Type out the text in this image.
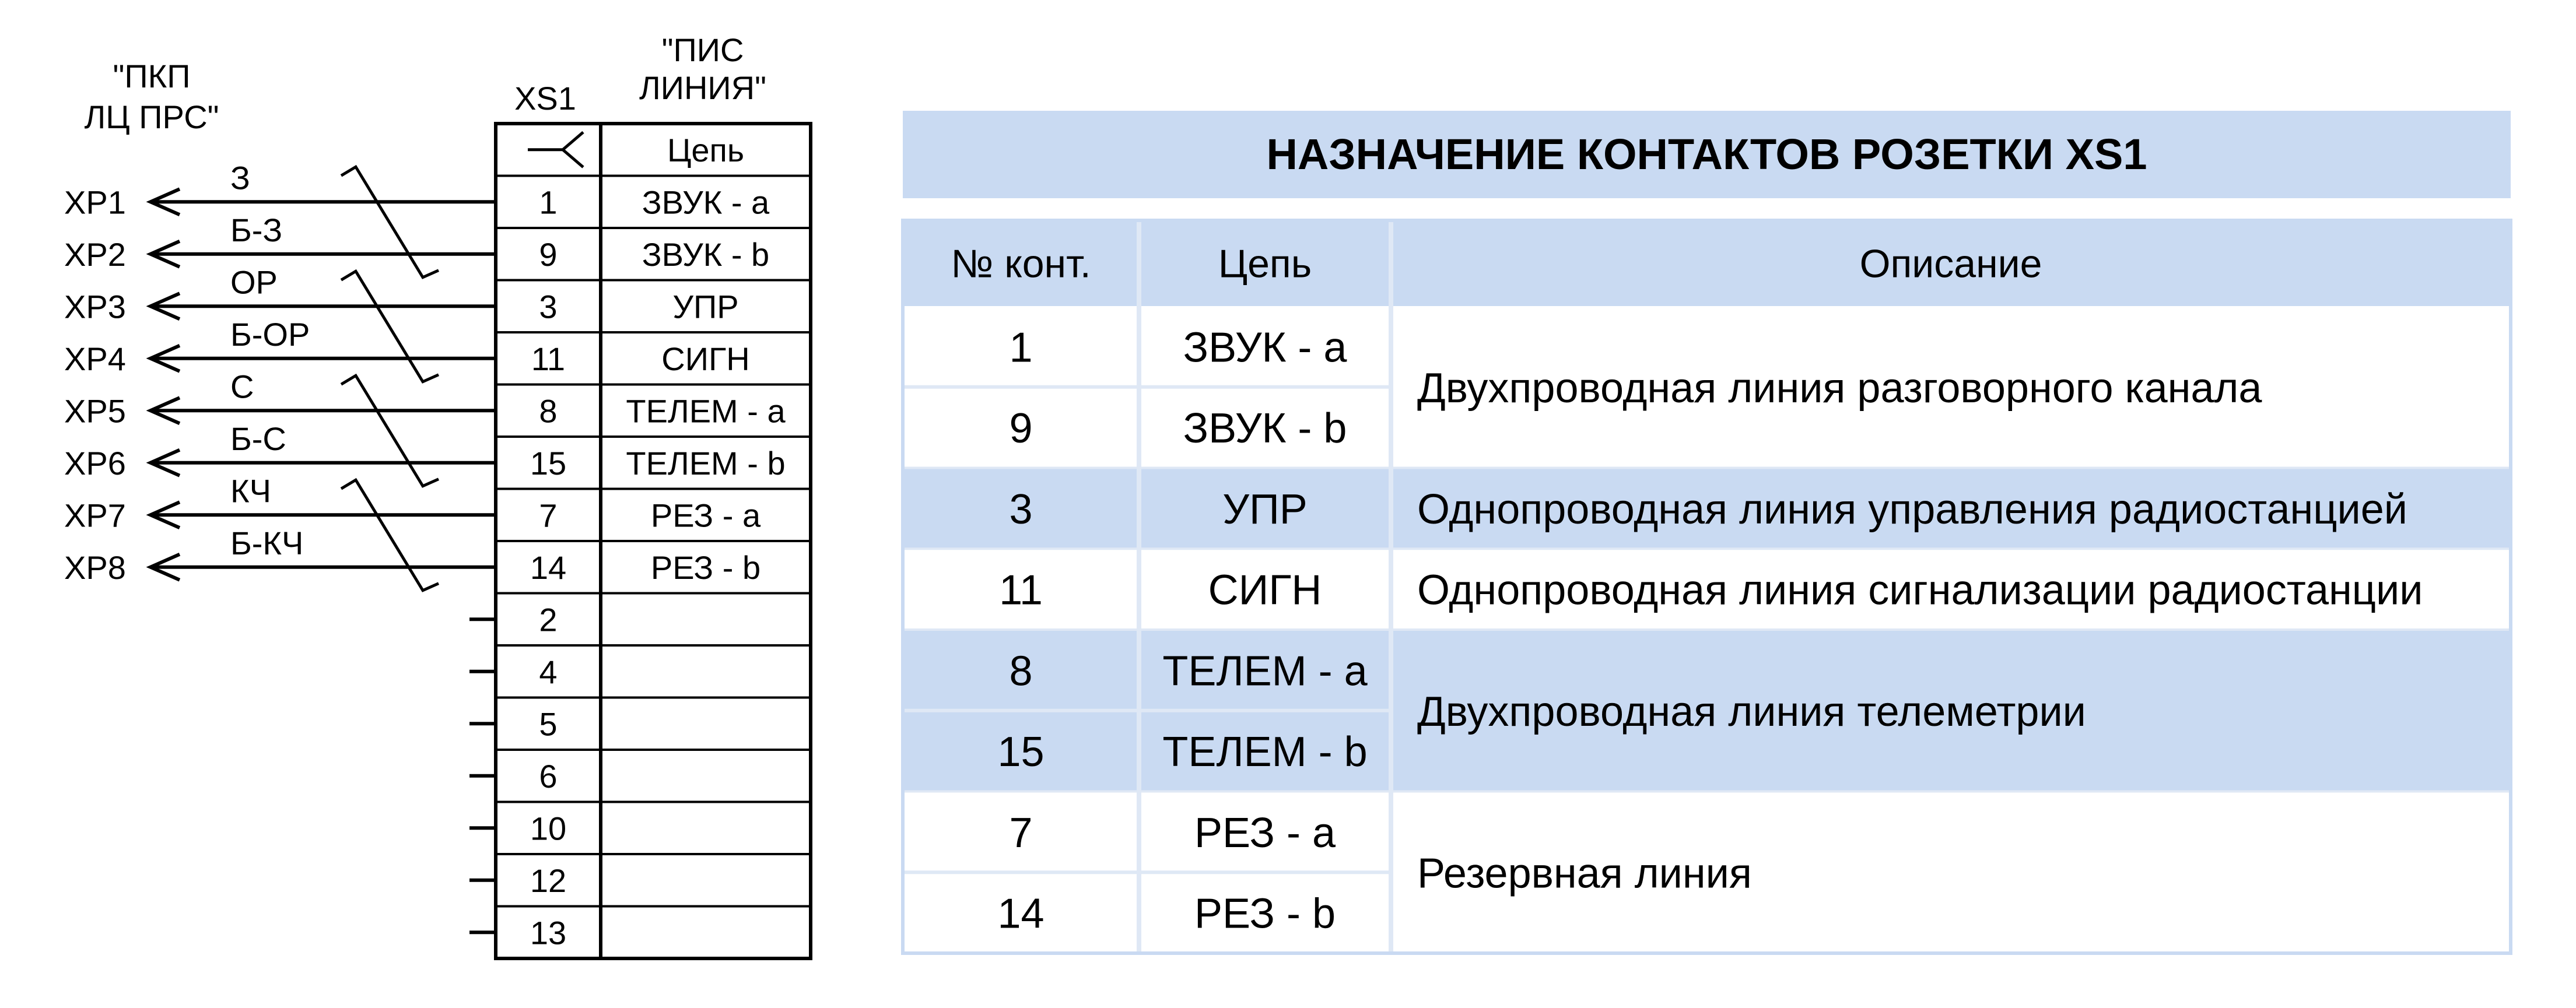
"ПКП
ЛЦ ПРС"
"ПИС
ЛИНИЯ"
XS1
Цепь
1	ЗВУК - a
XP1
З
9	ЗВУК - b
XP2
Б-З
3	УПР
XP3
ОР
11	СИГН
XP4
Б-ОР
8 ТЕЛЕМ - a
XP5
С
15 ТЕЛЕМ - b
XP6
Б-С
7	РЕЗ - a
XP7
КЧ
14	РЕЗ - b
XP8
Б-КЧ
2
4
5
6
10
12
13
НАЗНАЧЕНИЕ КОНТАКТОВ РОЗЕТКИ XS1
№ конт.	Цепь	Описание
1	ЗВУК - a
9	ЗВУК - b
Двухпроводная линия разговорного канала
3	УПР	Однопроводная линия управления радиостанцией
11	СИГН Однопроводная линия сигнализации радиостанции
8	ТЕЛЕМ - a
15	ТЕЛЕМ - b
Двухпроводная линия телеметрии
7	РЕЗ - a
14	РЕЗ - b
Резервная линия
